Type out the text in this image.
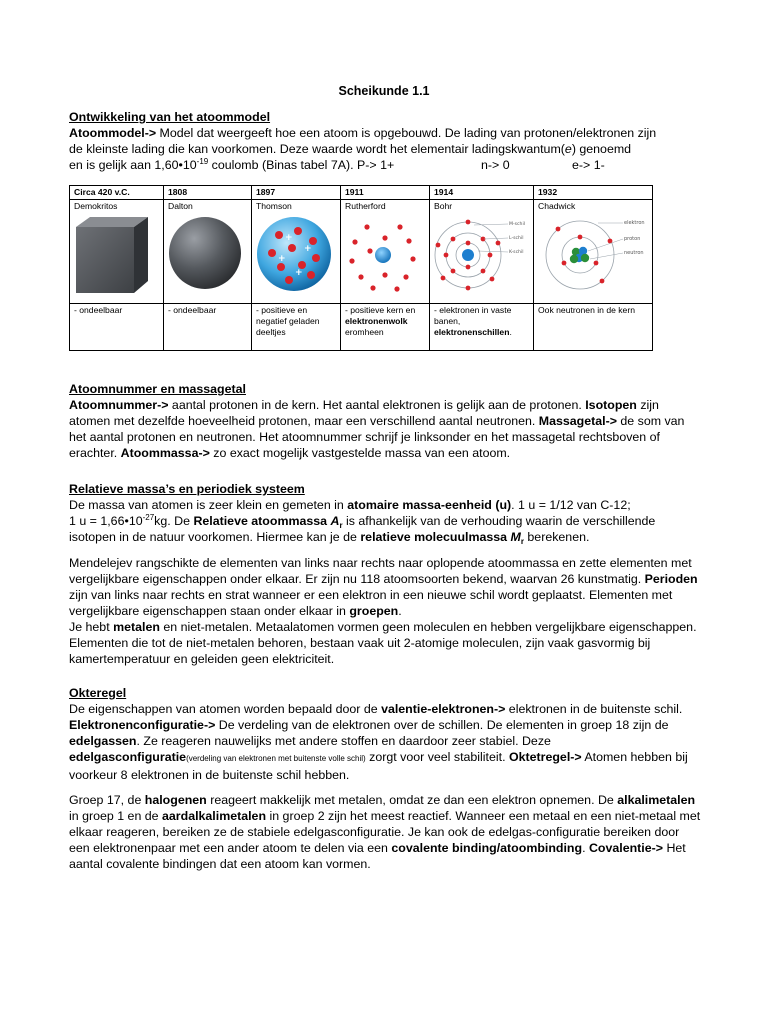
Scheikunde 1.1
Ontwikkeling van het atoommodel
Atoommodel-> Model dat weergeeft hoe een atoom is opgebouwd. De lading van protonen/elektronen zijn
de kleinste lading die kan voorkomen. Deze waarde wordt het elementair ladingskwantum(e) genoemd
en is gelijk aan $1,60•10^{-19}$ coulomb (Binas tabel 7A). P-> 1+	n-> 0	e-> 1-
Circa 420 v.C.	1808	1897	1911	1914	1932
Demokritos	Dalton	Thomson	Rutherford	Bohr	Chadwick

+
+
+
+		M-schil
L-schil
K-schil	elektron
proton
neutron

- ondeelbaar	- ondeelbaar	- positieve en negatief geladen deeltjes	- positieve kern en elektronenwolk eromheen	- elektronen in vaste banen, elektronenschillen.	Ook neutronen in de kern
Atoomnummer en massagetal
Atoomnummer-> aantal protonen in de kern. Het aantal elektronen is gelijk aan de protonen. Isotopen zijn atomen met dezelfde hoeveelheid protonen, maar een verschillend aantal neutronen. Massagetal-> de som van het aantal protonen en neutronen. Het atoomnummer schrijf je linksonder en het massagetal rechtsboven of erachter. Atoommassa-> zo exact mogelijk vastgestelde massa van een atoom.
Relatieve massa’s en periodiek systeem
De massa van atomen is zeer klein en gemeten in atomaire massa-eenheid (u). 1 u = 1/12 van C-12;
1 $u = 1,66•10^{-27}kg$. De Relatieve atoommassa $A_r$ is afhankelijk van de verhouding waarin de verschillende isotopen in de natuur voorkomen. Hiermee kan je de relatieve molecuulmassa $M_r$ berekenen.
Mendelejev rangschikte de elementen van links naar rechts naar oplopende atoommassa en zette elementen met vergelijkbare eigenschappen onder elkaar. Er zijn nu 118 atoomsoorten bekend, waarvan 26 kunstmatig. Perioden zijn van links naar rechts en strat wanneer er een elektron in een nieuwe schil wordt geplaatst. Elementen met vergelijkbare eigenschappen staan onder elkaar in groepen.
Je hebt metalen en niet-metalen. Metaalatomen vormen geen moleculen en hebben vergelijkbare eigenschappen. Elementen die tot de niet-metalen behoren, bestaan vaak uit 2-atomige moleculen, zijn vaak gasvormig bij kamertemperatuur en geleiden geen elektriciteit.
Okteregel
De eigenschappen van atomen worden bepaald door de valentie-elektronen-> elektronen in de buitenste schil. Elektronenconfiguratie-> De verdeling van de elektronen over de schillen. De elementen in groep 18 zijn de edelgassen. Ze reageren nauwelijks met andere stoffen en daardoor zeer stabiel. Deze edelgasconfiguratie(verdeling van elektronen met buitenste volle schil) zorgt voor veel stabiliteit. Oktetregel-> Atomen hebben bij voorkeur 8 elektronen in de buitenste schil hebben.
Groep 17, de halogenen reageert makkelijk met metalen, omdat ze dan een elektron opnemen. De alkalimetalen in groep 1 en de aardalkalimetalen in groep 2 zijn het meest reactief. Wanneer een metaal en een niet-metaal met elkaar reageren, bereiken ze de stabiele edelgasconfiguratie. Je kan ook de edelgas-configuratie bereiken door een elektronenpaar met een ander atoom te delen via een covalente binding/atoombinding. Covalentie-> Het aantal covalente bindingen dat een atoom kan vormen.
